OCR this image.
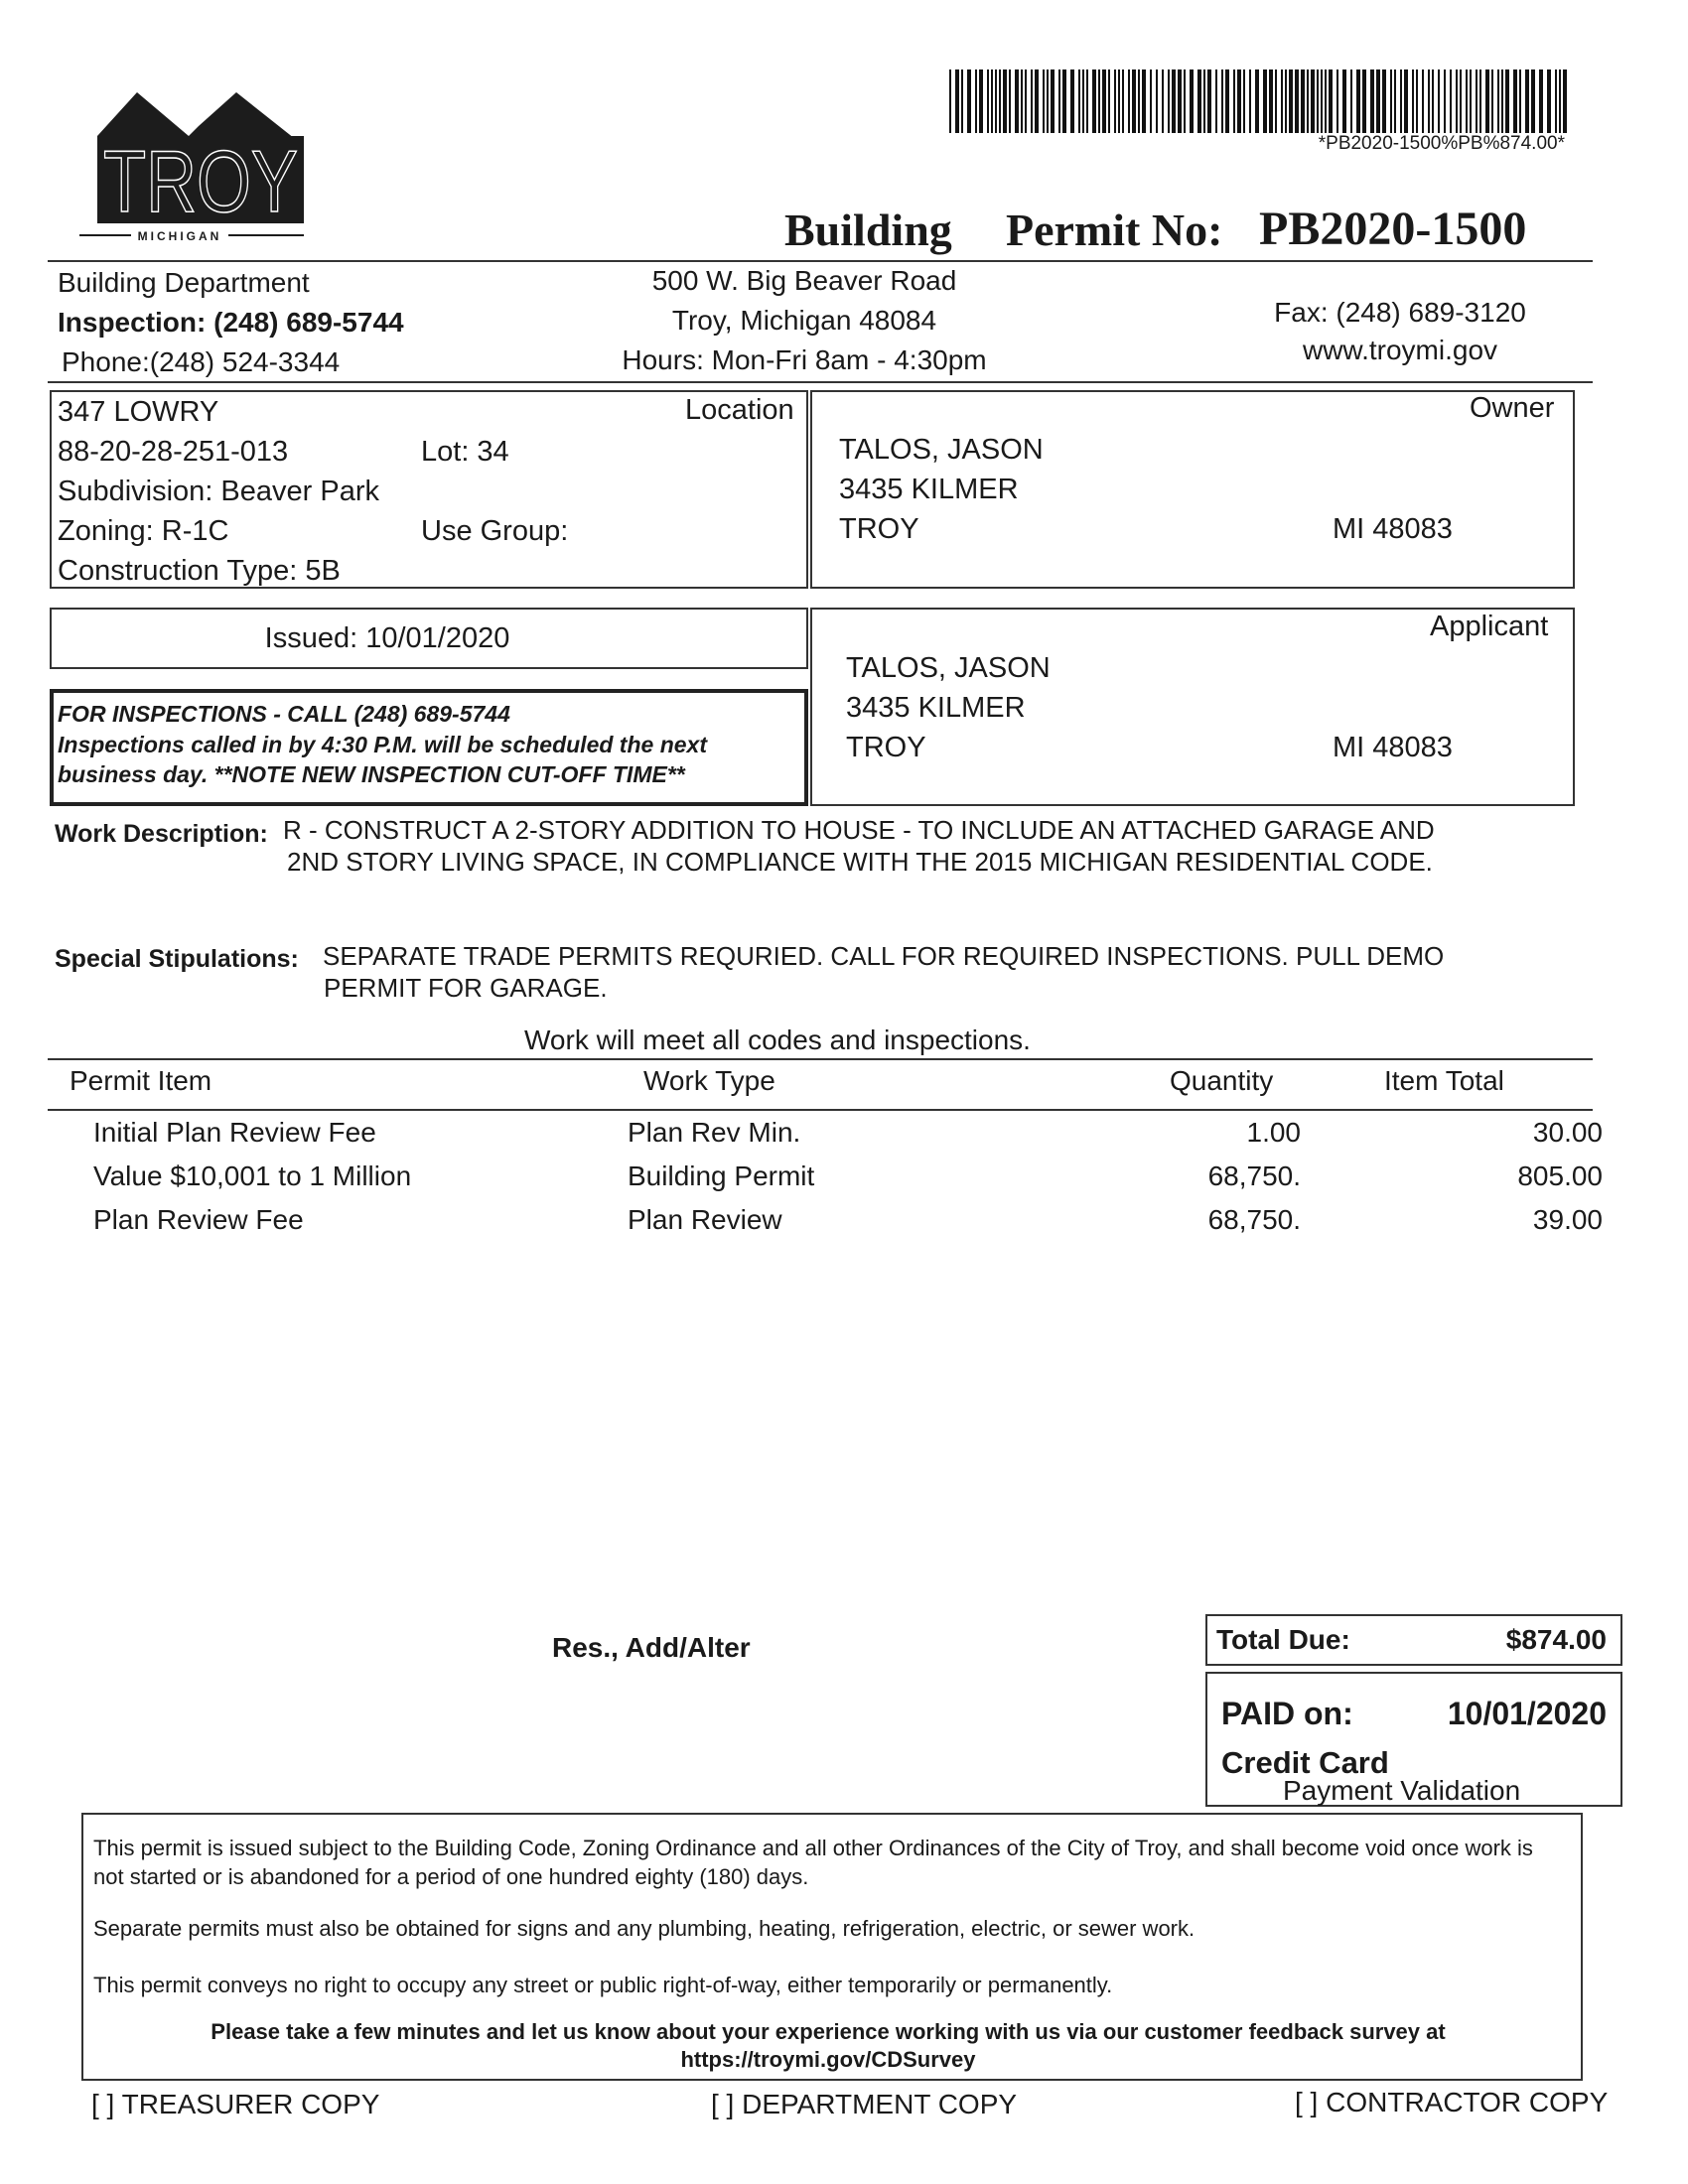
TROY
MICHIGAN
*PB2020-1500%PB%874.00*
Building Permit No: PB2020-1500
Building Department
Inspection: (248) 689-5744
Phone:(248) 524-3344
500 W. Big Beaver Road
Troy, Michigan 48084
Hours: Mon-Fri 8am - 4:30pm
Fax: (248) 689-3120
www.troymi.gov
Location
347 LOWRY
88-20-28-251-013	Lot: 34
Subdivision: Beaver Park
Zoning: R-1C	Use Group:
Construction Type: 5B
Owner
TALOS, JASON
3435 KILMER
TROY	MI 48083
Issued: 10/01/2020
FOR INSPECTIONS - CALL (248) 689-5744
Inspections called in by 4:30 P.M. will be scheduled the next
business day. **NOTE NEW INSPECTION CUT-OFF TIME**
Applicant
TALOS, JASON
3435 KILMER
TROY	MI 48083
Work Description: R - CONSTRUCT A 2-STORY ADDITION TO HOUSE - TO INCLUDE AN ATTACHED GARAGE AND
2ND STORY LIVING SPACE, IN COMPLIANCE WITH THE 2015 MICHIGAN RESIDENTIAL CODE.
Special Stipulations: SEPARATE TRADE PERMITS REQURIED. CALL FOR REQUIRED INSPECTIONS. PULL DEMO
PERMIT FOR GARAGE.
Work will meet all codes and inspections.
Permit Item	Work Type	Quantity	Item Total
Initial Plan Review Fee	Plan Rev Min.	1.00	30.00
Value $10,001 to 1 Million	Building Permit	68,750.	805.00
Plan Review Fee	Plan Review	68,750.	39.00
Res., Add/Alter	Total Due:	$874.00
PAID on:	10/01/2020
Credit Card
Payment Validation
This permit is issued subject to the Building Code, Zoning Ordinance and all other Ordinances of the City of Troy, and shall become void once work is not started or is abandoned for a period of one hundred eighty (180) days.
Separate permits must also be obtained for signs and any plumbing, heating, refrigeration, electric, or sewer work.
This permit conveys no right to occupy any street or public right-of-way, either temporarily or permanently.
Please take a few minutes and let us know about your experience working with us via our customer feedback survey at
https://troymi.gov/CDSurvey
[ ] TREASURER COPY	[ ] DEPARTMENT COPY	[ ] CONTRACTOR COPY
